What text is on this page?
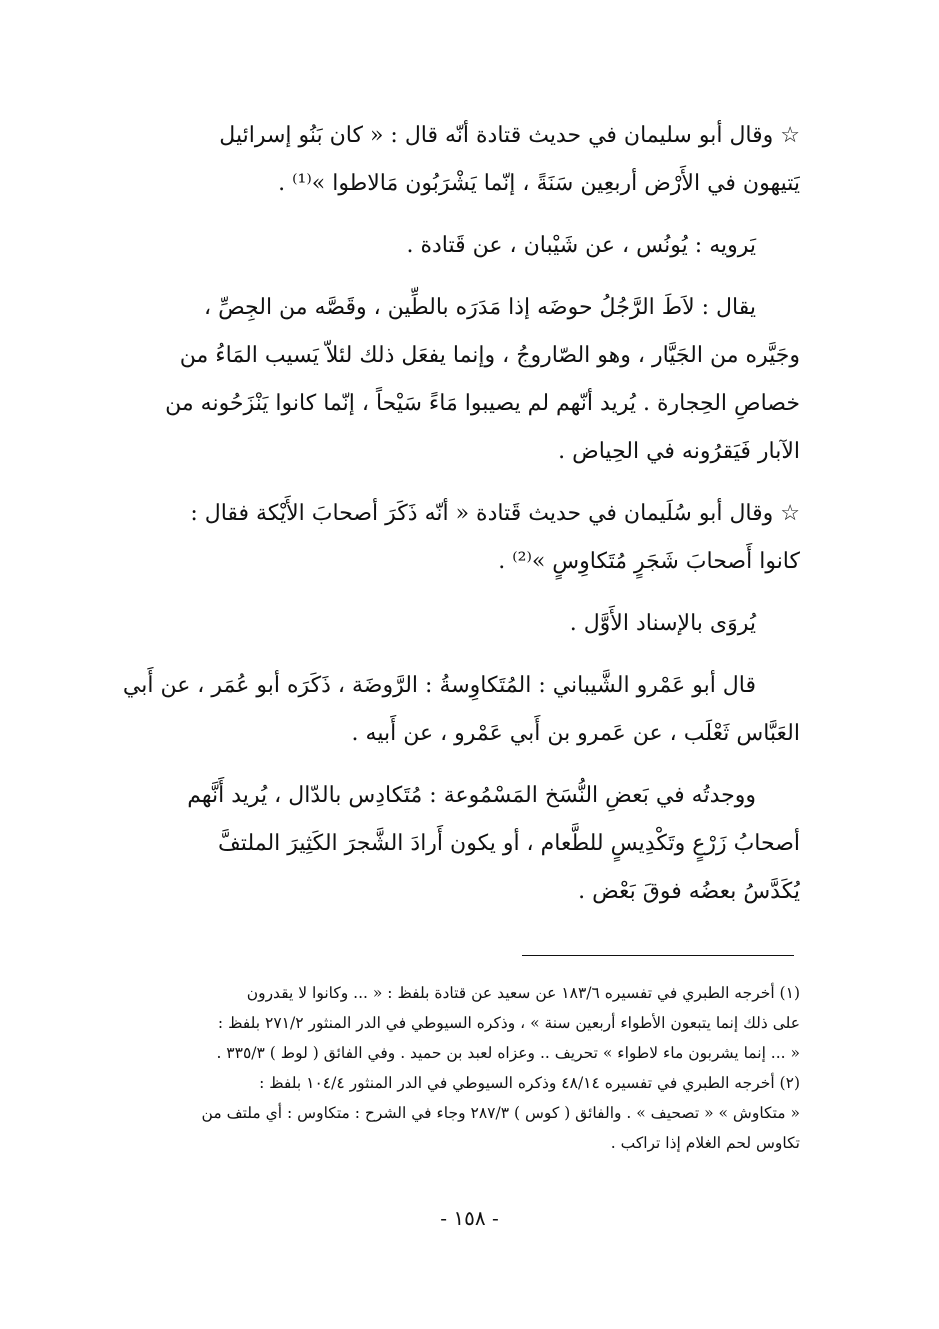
☆ وقال أبو سليمان في حديث قتادة أنّه قال : « كان بَنُو إسرائيل
يَتيهون في الأَرْض أربعِين سَنَةً ، إنّما يَشْرَبُون مَالاطوا »⁽¹⁾ .
يَرويه : يُونُس ، عن شَيْبان ، عن قَتادة .
يقال : لاَطَ الرَّجُلُ حوضَه إذا مَدَرَه بالطِّين ، وقَصَّه من الجِصِّ ،
وجَيَّره من الجَيَّار ، وهو الصّاروجُ ، وإنما يفعَل ذلك لئلاّ يَسيب المَاءُ من
خصاصِ الحِجارة . يُريد أنّهم لم يصيبوا مَاءً سَيْحاً ، إنّما كانوا يَنْزَحُونه من
الآبار فَيَقرُونه في الحِياض .
☆ وقال أبو سُلَيمان في حديث قَتادة « أنّه ذَكَرَ أصحابَ الأَيْكة فقال :
كانوا أَصحابَ شَجَرٍ مُتَكاوِسٍ »⁽²⁾ .
يُروَى بالإسناد الأَوَّل .
قال أبو عَمْرو الشَّيباني : المُتَكاوِسةُ : الرَّوضَة ، ذَكَرَه أبو عُمَر ، عن أَبي
العَبَّاس ثَعْلَب ، عن عَمرو بن أَبي عَمْرو ، عن أَبيه .
ووجدتُه في بَعضِ النُّسَخ المَسْمُوعة : مُتَكادِس بالدّال ، يُريد أَنَّهم
أصحابُ زَرْعٍ وتَكْدِيسٍ للطَّعام ، أو يكون أَرادَ الشَّجرَ الكَثِيرَ الملتفَّ
يُكَدَّسُ بعضُه فوقَ بَعْض .
(١) أخرجه الطبري في تفسيره ١٨٣/٦ عن سعيد عن قتادة بلفظ : « ... وكانوا لا يقدرون
على ذلك إنما يتبعون الأطواء أربعين سنة » ، وذكره السيوطي في الدر المنثور ٢٧١/٢ بلفظ :
« ... إنما يشربون ماء لاطواء » تحريف .. وعزاه لعبد بن حميد . وفي الفائق ( لوط ) ٣٣٥/٣ .
(٢) أخرجه الطبري في تفسيره ٤٨/١٤ وذكره السيوطي في الدر المنثور ١٠٤/٤ بلفظ :
« متكاوش » « تصحيف » . والفائق ( كوس ) ٢٨٧/٣ وجاء في الشرح : متكاوس : أي ملتف من
تكاوس لحم الغلام إذا تراكب .
- ١٥٨ -
